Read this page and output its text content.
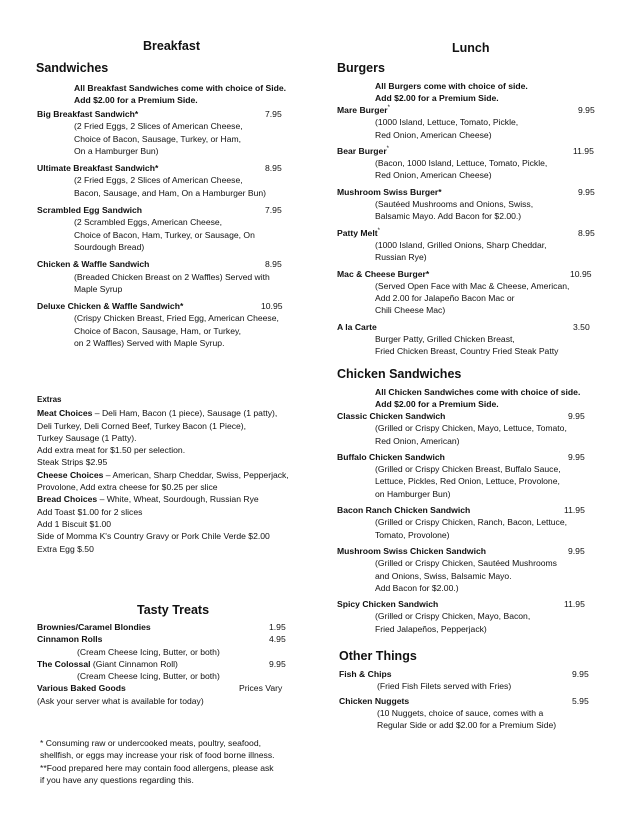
Breakfast
Sandwiches
All Breakfast Sandwiches come with choice of Side.
Add $2.00 for a Premium Side.
Big Breakfast Sandwich*	7.95
(2 Fried Eggs, 2 Slices of American Cheese,
Choice of Bacon, Sausage, Turkey, or Ham,
On a Hamburger Bun)
Ultimate Breakfast Sandwich*	8.95
(2 Fried Eggs, 2 Slices of American Cheese,
Bacon, Sausage, and Ham, On a Hamburger Bun)
Scrambled Egg Sandwich	7.95
(2 Scrambled Eggs, American Cheese,
Choice of Bacon, Ham, Turkey, or Sausage, On
Sourdough Bread)
Chicken & Waffle Sandwich	8.95
(Breaded Chicken Breast on 2 Waffles) Served with
Maple Syrup
Deluxe Chicken & Waffle Sandwich*	10.95
(Crispy Chicken Breast, Fried Egg, American Cheese,
Choice of Bacon, Sausage, Ham, or Turkey,
on 2 Waffles) Served with Maple Syrup.
Extras
Meat Choices – Deli Ham, Bacon (1 piece), Sausage (1 patty),
Deli Turkey, Deli Corned Beef, Turkey Bacon (1 Piece),
Turkey Sausage (1 Patty).
Add extra meat for $1.50 per selection.
Steak Strips $2.95
Cheese Choices – American, Sharp Cheddar, Swiss, Pepperjack,
Provolone, Add extra cheese for $0.25 per slice
Bread Choices – White, Wheat, Sourdough, Russian Rye
Add Toast $1.00 for 2 slices
Add 1 Biscuit $1.00
Side of Momma K's Country Gravy or Pork Chile Verde $2.00
Extra Egg $.50
Tasty Treats
Brownies/Caramel Blondies	1.95
Cinnamon Rolls	4.95
(Cream Cheese Icing, Butter, or both)
The Colossal (Giant Cinnamon Roll)	9.95
(Cream Cheese Icing, Butter, or both)
Various Baked Goods	Prices Vary
(Ask your server what is available for today)
* Consuming raw or undercooked meats, poultry, seafood,
shellfish, or eggs may increase your risk of food borne illness.
**Food prepared here may contain food allergens, please ask
if you have any questions regarding this.
Lunch
Burgers
All Burgers come with choice of side.
Add $2.00 for a Premium Side.
Mare Burger*	9.95
(1000 Island, Lettuce, Tomato, Pickle,
Red Onion, American Cheese)
Bear Burger*	11.95
(Bacon, 1000 Island, Lettuce, Tomato, Pickle,
Red Onion, American Cheese)
Mushroom Swiss Burger*	9.95
(Sautéed Mushrooms and Onions, Swiss,
Balsamic Mayo. Add Bacon for $2.00.)
Patty Melt*	8.95
(1000 Island, Grilled Onions, Sharp Cheddar,
Russian Rye)
Mac & Cheese Burger*	10.95
(Served Open Face with Mac & Cheese, American,
Add 2.00 for Jalapeño Bacon Mac or
Chili Cheese Mac)
A la Carte	3.50
Burger Patty, Grilled Chicken Breast,
Fried Chicken Breast, Country Fried Steak Patty
Chicken Sandwiches
All Chicken Sandwiches come with choice of side.
Add $2.00 for a Premium Side.
Classic Chicken Sandwich	9.95
(Grilled or Crispy Chicken, Mayo, Lettuce, Tomato,
Red Onion, American)
Buffalo Chicken Sandwich	9.95
(Grilled or Crispy Chicken Breast, Buffalo Sauce,
Lettuce, Pickles, Red Onion, Lettuce, Provolone,
on Hamburger Bun)
Bacon Ranch Chicken Sandwich	11.95
(Grilled or Crispy Chicken, Ranch, Bacon, Lettuce,
Tomato, Provolone)
Mushroom Swiss Chicken Sandwich	9.95
(Grilled or Crispy Chicken, Sautéed Mushrooms
and Onions, Swiss, Balsamic Mayo.
Add Bacon for $2.00.)
Spicy Chicken Sandwich	11.95
(Grilled or Crispy Chicken, Mayo, Bacon,
Fried Jalapeños, Pepperjack)
Other Things
Fish & Chips	9.95
(Fried Fish Filets served with Fries)
Chicken Nuggets	5.95
(10 Nuggets, choice of sauce, comes with a
Regular Side or add $2.00 for a Premium Side)
